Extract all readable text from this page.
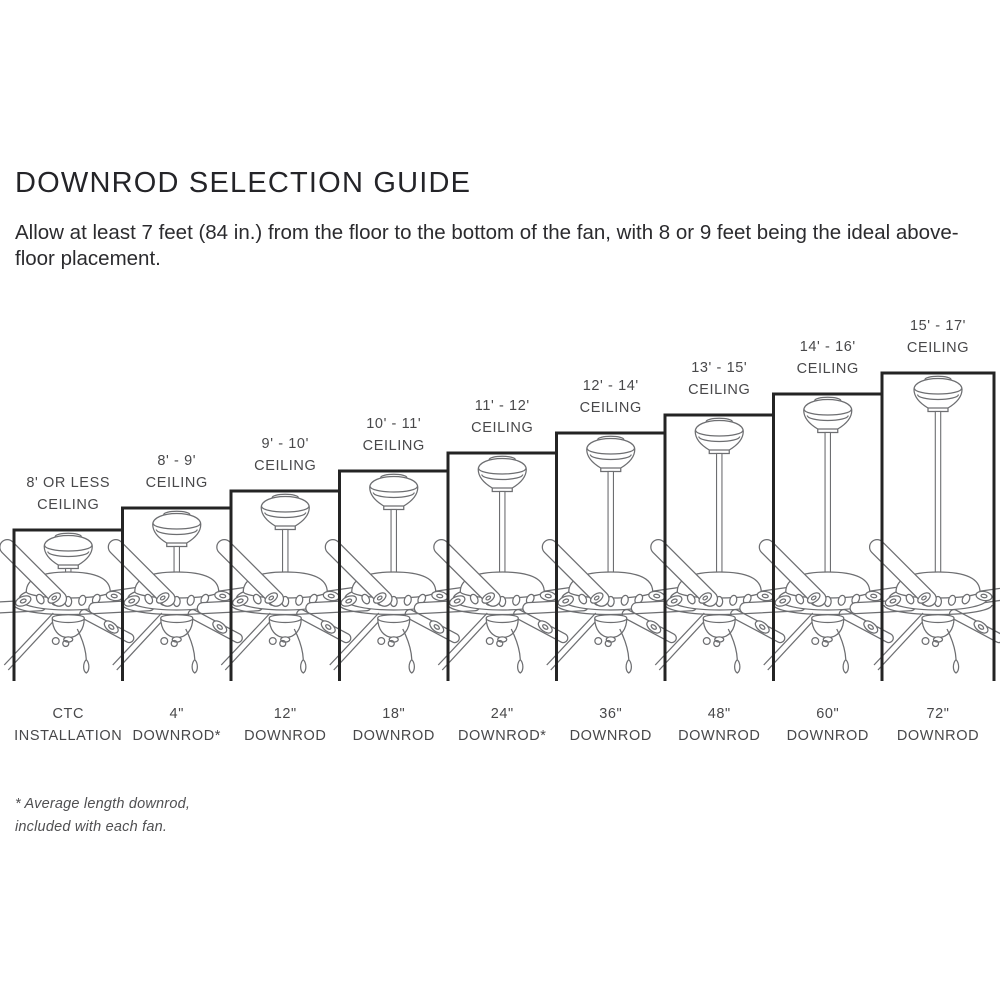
DOWNROD SELECTION GUIDE
Allow at least 7 feet (84 in.) from the floor to the bottom of the fan, with 8 or 9 feet being the ideal above-floor placement.
8' OR LESS
CEILING
CTC
INSTALLATION
8' - 9'
CEILING
4"
DOWNROD*
9' - 10'
CEILING
12"
DOWNROD
10' - 11'
CEILING
18"
DOWNROD
11' - 12'
CEILING
24"
DOWNROD*
12' - 14'
CEILING
36"
DOWNROD
13' - 15'
CEILING
48"
DOWNROD
14' - 16'
CEILING
60"
DOWNROD
15' - 17'
CEILING
72"
DOWNROD
* Average length downrod,
included with each fan.
